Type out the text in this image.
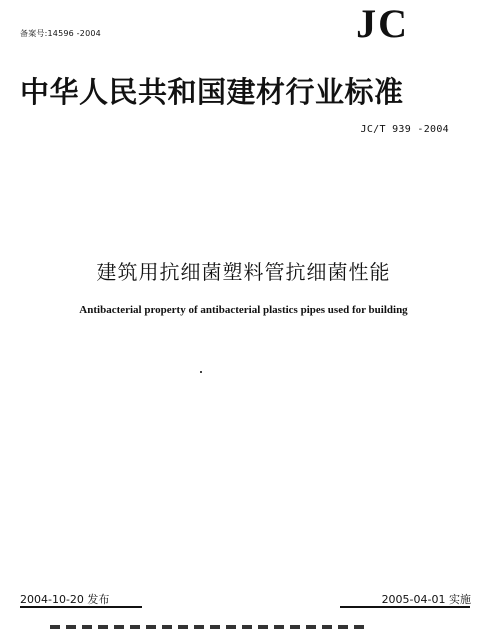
备案号:14596 -2004	JC
中华人民共和国建材行业标准
JC/T 939 -2004
建筑用抗细菌塑料管抗细菌性能
Antibacterial property of antibacterial plastics pipes used for building
2004-10-20 发布	2005-04-01 实施
